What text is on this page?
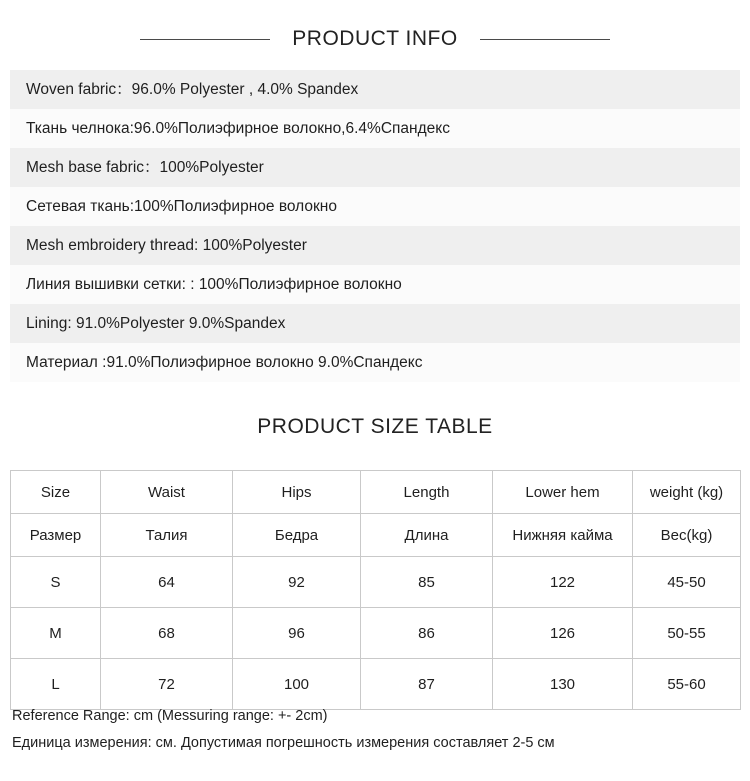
PRODUCT INFO
Woven fabric：96.0% Polyester , 4.0% Spandex
Ткань челнока:96.0%Полиэфирное волокно,6.4%Спандекс
Mesh base fabric：100%Polyester
Сетевая ткань:100%Полиэфирное волокно
Mesh embroidery thread: 100%Polyester
Линия вышивки сетки: : 100%Полиэфирное волокно
Lining: 91.0%Polyester 9.0%Spandex
Материал :91.0%Полиэфирное волокно 9.0%Спандекс
PRODUCT SIZE TABLE
Size	Waist	Hips	Length	Lower hem	weight (kg)
Размер	Талия	Бедра	Длина	Нижняя кайма	Вес(kg)
S	64	92	85	122	45-50
M	68	96	86	126	50-55
L	72	100	87	130	55-60
Reference Range: cm (Messuring range: +- 2cm)
Единица измерения: см. Допустимая погрешность измерения составляет 2-5 см
